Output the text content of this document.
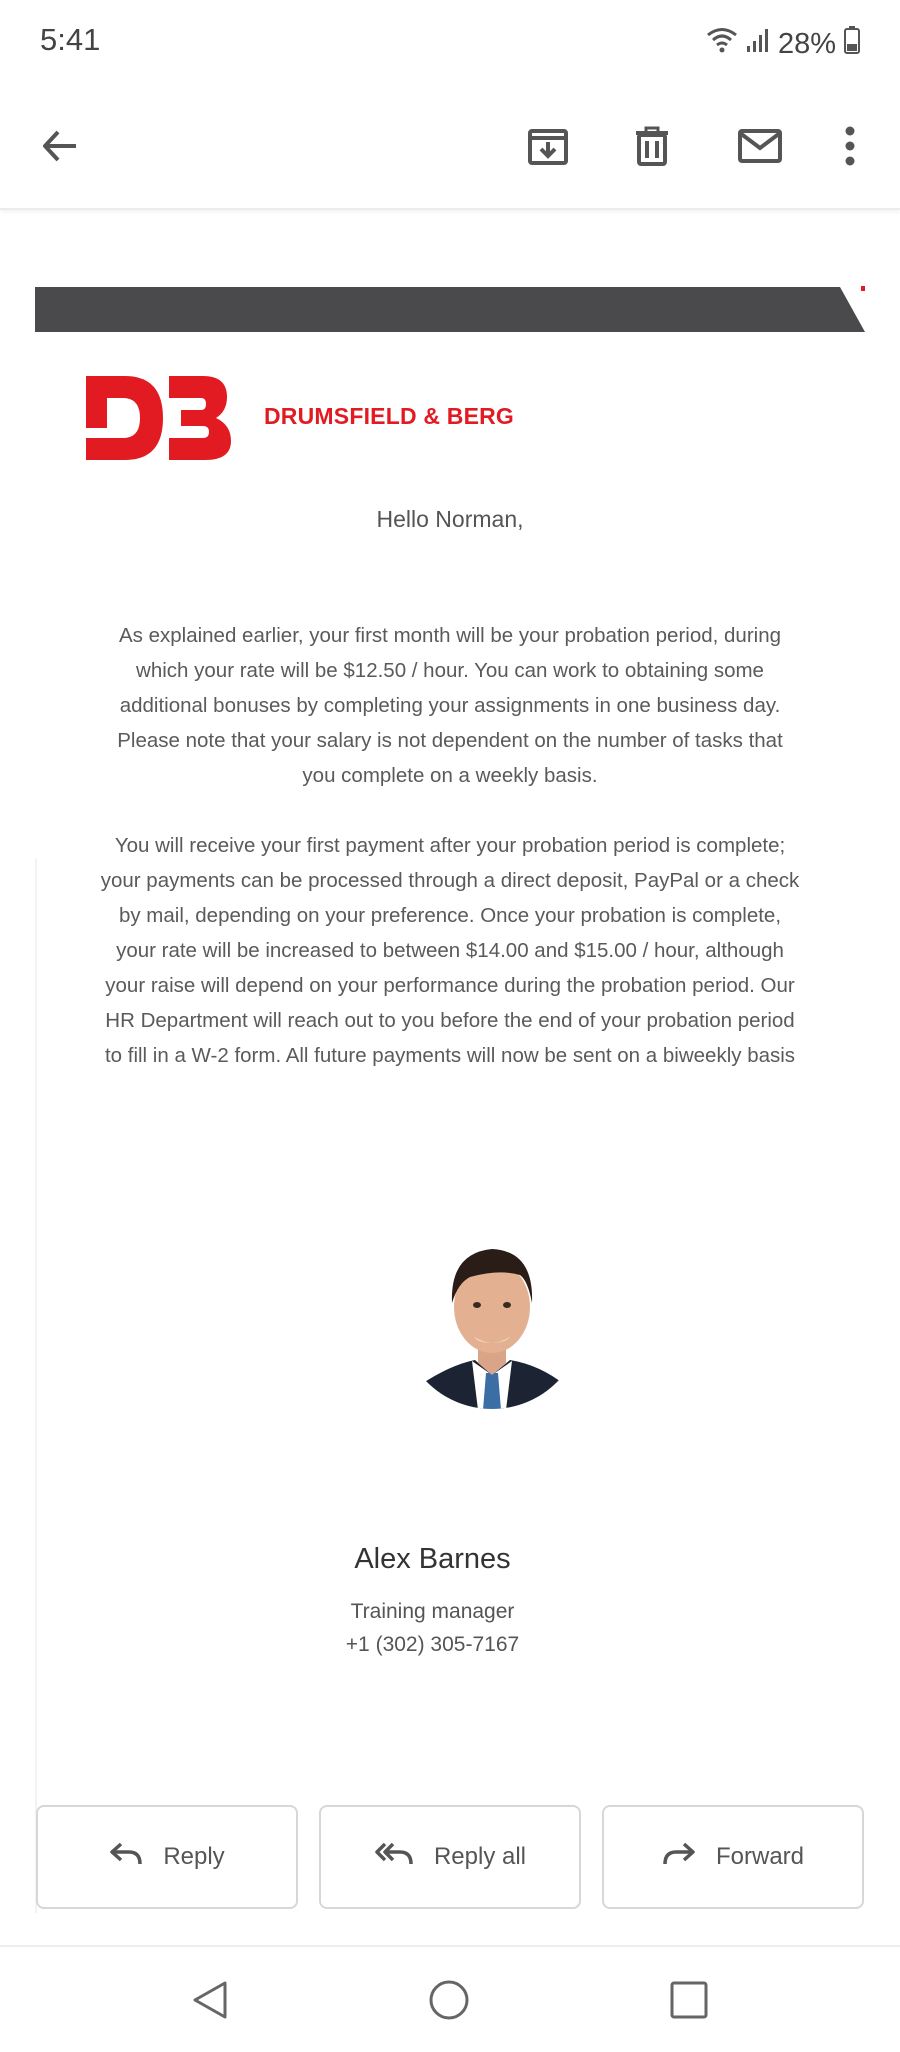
5:41	28%
DRUMSFIELD & BERG
Hello Norman,
As explained earlier, your first month will be your probation period, during which your rate will be $12.50 / hour. You can work to obtaining some additional bonuses by completing your assignments in one business day. Please note that your salary is not dependent on the number of tasks that you complete on a weekly basis.
You will receive your first payment after your probation period is complete; your payments can be processed through a direct deposit, PayPal or a check by mail, depending on your preference. Once your probation is complete, your rate will be increased to between $14.00 and $15.00 / hour, although your raise will depend on your performance during the probation period. Our HR Department will reach out to you before the end of your probation period to fill in a W-2 form. All future payments will now be sent on a biweekly basis
Alex Barnes
Training manager
+1 (302) 305-7167
Reply	Reply all	Forward
